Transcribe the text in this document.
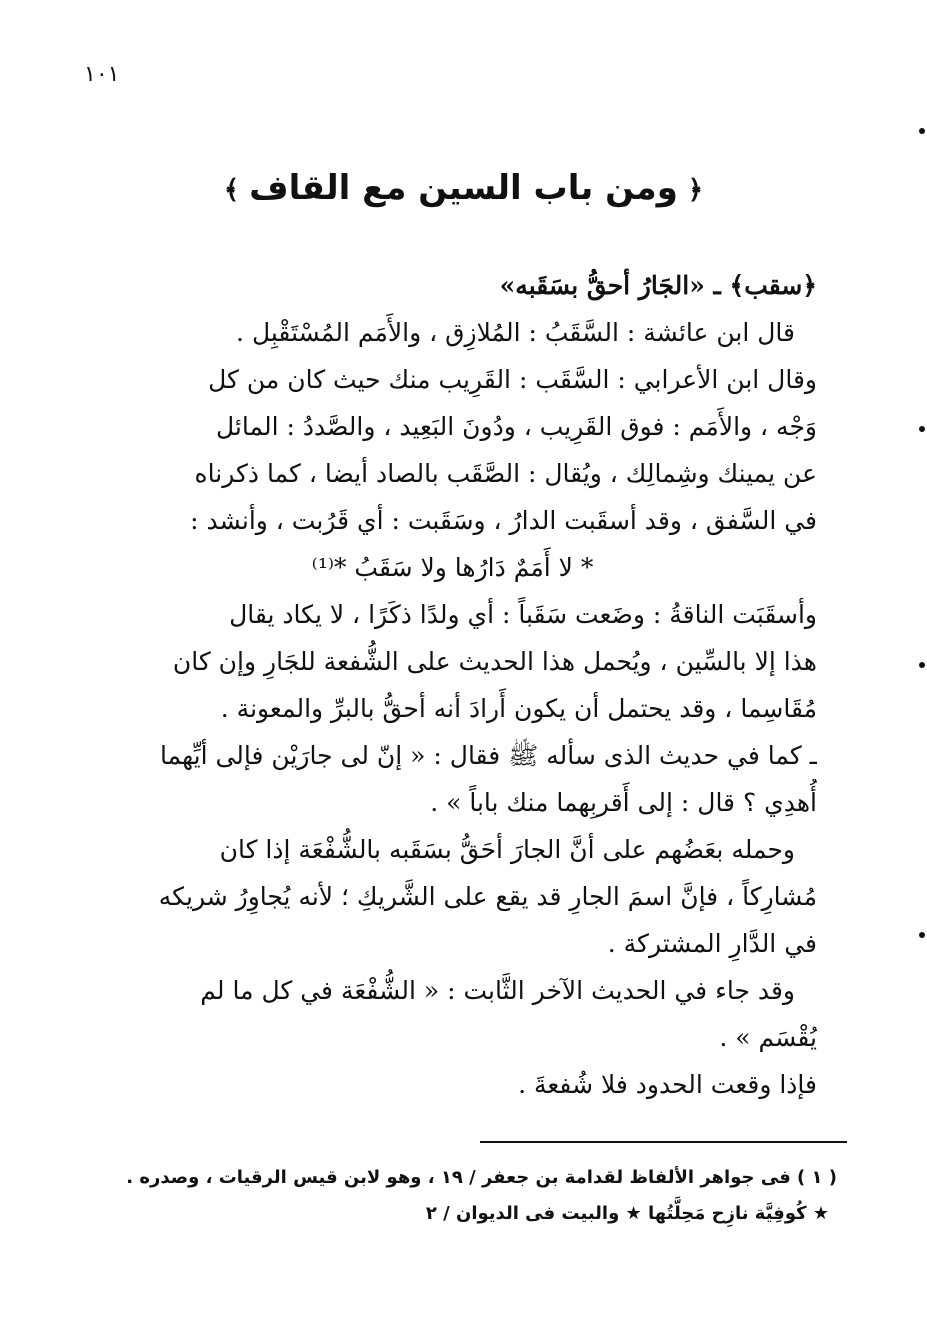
١٠١
﴿ومن باب السين مع القاف﴾
﴿سقب﴾ ـ «الجَارُ أحقُّ بسَقَبه»
قال ابن عائشة : السَّقَبُ : المُلازِق ، والأَمَم المُسْتَقْبِل .
وقال ابن الأعرابي : السَّقَب : القَرِيب منك حيث كان من كل
وَجْه ، والأَمَم : فوق القَرِيب ، ودُونَ البَعِيد ، والصَّددُ : المائل
عن يمينك وشِمالِك ، ويُقال : الصَّقَب بالصاد أيضا ، كما ذكرناه
في السَّفق ، وقد أسقَبت الدارُ ، وسَقَبت : أي قَرُبت ، وأنشد :
* لا أَمَمٌ دَارُها ولا سَقَبُ *⁽¹⁾
وأسقَبَت الناقةُ : وضَعت سَقَباً : أي ولدًا ذكَرًا ، لا يكاد يقال
هذا إلا بالسِّين ، ويُحمل هذا الحديث على الشُّفعة للجَارِ وإن كان
مُقَاسِما ، وقد يحتمل أن يكون أَرادَ أنه أحقُّ بالبرِّ والمعونة .
ـ كما في حديث الذى سأله ﷺ فقال : « إنّ لى جارَيْن فإلى أيِّهما
أُهدِي ؟ قال : إلى أَقربِهما منك باباً » .
وحمله بعَضُهم على أنَّ الجارَ أحَقُّ بسَقَبه بالشُّفْعَة إذا كان
مُشارِكاً ، فإنَّ اسمَ الجارِ قد يقع على الشَّريكِ ؛ لأنه يُجاوِرُ شريكه
في الدَّارِ المشتركة .
وقد جاء في الحديث الآخر الثَّابت : « الشُّفْعَة في كل ما لم
يُقْسَم » .
فإذا وقعت الحدود فلا شُفعةَ .
( ١ ) فى جواهر الألفاظ لقدامة بن جعفر / ١٩ ، وهو لابن قيس الرقيات ، وصدره .
★ كُوفِيَّة نازِح مَحِلَّتُها ★ والبيت فى الديوان / ٢
